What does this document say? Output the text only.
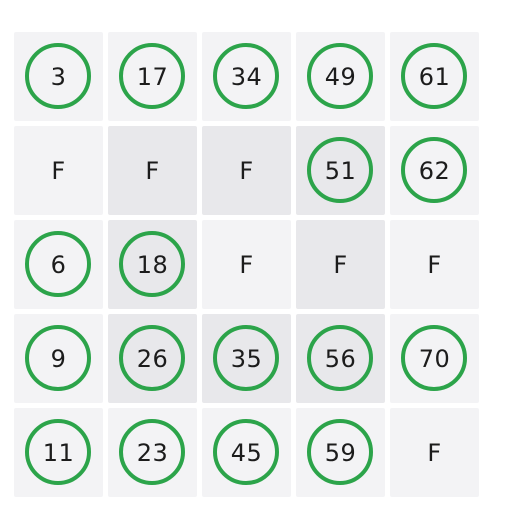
3	17	34	49	61
F	F	F	51	62
6	18	F	F	F
9	26	35	56	70
11	23	45	59	F
